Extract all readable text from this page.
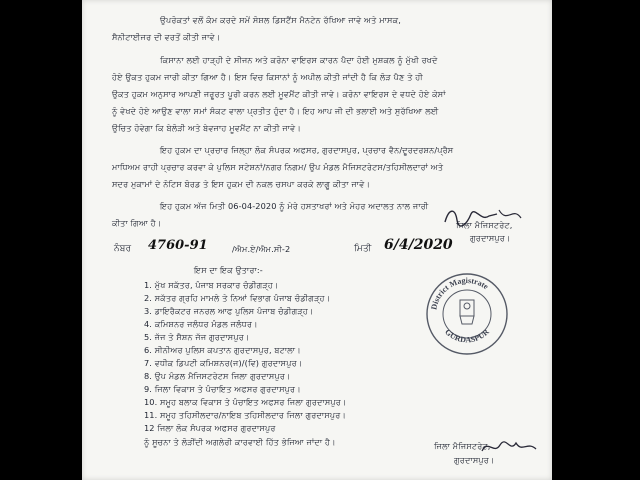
ਉਪਰੋਕਤਾਂ ਵਲੋਂ ਕੰਮ ਕਰਦੇ ਸਮੇਂ ਸੋਸ਼ਲ ਡਿਸਟੈਂਸ ਮੈਨਟੇਨ ਰੱਖਿਆ ਜਾਵੇ ਅਤੇ ਮਾਸਕ,
ਸੈਨੀਟਾਈਜਰ ਦੀ ਵਰਤੋਂ ਕੀਤੀ ਜਾਵੇ।
ਕਿਸਾਨਾ ਲਈ ਹਾੜ੍ਹੀ ਦੇ ਸੀਜਨ ਅਤੇ ਕਰੋਨਾ ਵਾਇਰਸ ਕਾਰਨ ਪੈਦਾ ਹੋਈ ਮੁਸ਼ਕਲ ਨੂੰ ਮੁੱਖੀ ਰਖਦੇ
ਹੋਏ ਉਕਤ ਹੁਕਮ ਜਾਰੀ ਕੀਤਾ ਗਿਆ ਹੈ। ਇਸ ਵਿਚ ਕਿਸਾਨਾਂ ਨੂੰ ਅਪੀਲ ਕੀਤੀ ਜਾਂਦੀ ਹੈ ਕਿ ਲੋੜ ਪੈਣ ਤੇ ਹੀ
ਉਕਤ ਹੁਕਮ ਅਨੁਸਾਰ ਆਪਣੀ ਜਰੂਰਤ ਪੂਰੀ ਕਰਨ ਲਈ ਮੂਵਮੈਂਟ ਕੀਤੀ ਜਾਵੇ। ਕਰੋਨਾ ਵਾਇਰਸ ਦੇ ਵਧਦੇ ਹੋਏ ਕੇਸਾਂ
ਨੂੰ ਵੇਖਦੇ ਹੋਏ ਆਉਣ ਵਾਲਾ ਸਮਾਂ ਸੰਕਟ ਵਾਲਾ ਪ੍ਰਤੀਤ ਹੁੰਦਾ ਹੈ। ਇਹ ਆਪ ਜੀ ਦੀ ਭਲਾਈ ਅਤੇ ਸੁਰੱਖਿਆ ਲਈ
ਉਚਿਤ ਹੋਵੇਗਾ ਕਿ ਬੇਲੋੜੀ ਅਤੇ ਬੇਵਜਾਹ ਮੂਵਮੈਂਟ ਨਾ ਕੀਤੀ ਜਾਵੇ।
ਇਹ ਹੁਕਮ ਦਾ ਪ੍ਰਚਾਰ ਜਿਲ੍ਹਾ ਲੋਕ ਸੰਪਰਕ ਅਫਸਰ, ਗੁਰਦਾਸਪੁਰ, ਪ੍ਰਚਾਰ ਵੈਨ/ਦੂਰਦਰਸ਼ਨ/ਪ੍ਰੈਸ
ਮਾਧਿਅਮ ਰਾਹੀ ਪ੍ਰਚਾਰ ਕਰਵਾ ਕੇ ਪੁਲਿਸ ਸਟੇਸ਼ਨਾਂ/ਨਗਰ ਨਿਗਮ/ ਉਪ ਮੰਡਲ ਮੈਜਿਸਟਰੇਟਸ/ਤਹਿਸੀਲਦਾਰਾਂ ਅਤੇ
ਸਦਰ ਮੁਕਾਮਾਂ ਦੇ ਨੋਟਿਸ ਬੋਰਡ ਤੇ ਇਸ ਹੁਕਮ ਦੀ ਨਕਲ ਚਸਪਾ ਕਰਕੇ ਲਾਗੂ ਕੀਤਾ ਜਾਵੇ।
ਇਹ ਹੁਕਮ ਅੱਜ ਮਿਤੀ 06-04-2020 ਨੂੰ ਮੇਰੇ ਹਸਤਾਖਰਾਂ ਅਤੇ ਮੋਹਰ ਅਦਾਲਤ ਨਾਲ ਜਾਰੀ
ਕੀਤਾ ਗਿਆ ਹੈ।	ਜਿਲਾ ਮੈਜਿਸਟਰੇਟ,
ਗੁਰਦਾਸਪੁਰ।
ਨੰਬਰ 4760-91	/ਐਮ.ਏ/ਐਮ.ਸੀ-2	ਮਿਤੀ 6/4/2020
ਇਸ ਦਾ ਇਕ ਉਤਾਰਾ:-
1. ਮੁੱਖ ਸਕੱਤਰ, ਪੰਜਾਬ ਸਰਕਾਰ ਚੰਡੀਗੜ੍ਹ।
2. ਸਕੱਤਰ ਗ੍ਰਹਿ ਮਾਮਲੇ ਤੇ ਨਿਆਂ ਵਿਭਾਗ ਪੰਜਾਬ ਚੰਡੀਗੜ੍ਹ।
3. ਡਾਇਰੈਕਟਰ ਜਨਰਲ ਆਫ ਪੁਲਿਸ ਪੰਜਾਬ ਚੰਡੀਗੜ੍ਹ।
4. ਕਮਿਸ਼ਨਰ ਜਲੰਧਰ ਮੰਡਲ ਜਲੰਧਰ।
5. ਜੱਜ ਤੇ ਸੈਸ਼ਨ ਜੱਜ ਗੁਰਦਾਸਪੁਰ।
6. ਸੀਨੀਅਰ ਪੁਲਿਸ ਕਪਤਾਨ ਗੁਰਦਾਸਪੁਰ, ਬਟਾਲਾ।
7. ਵਧੀਕ ਡਿਪਟੀ ਕਮਿਸ਼ਨਰ(ਜ)/(ਵਿ) ਗੁਰਦਾਸਪੁਰ।
8. ਉਪ ਮੰਡਲ ਮੈਜਿਸਟਰੇਟਸ ਜਿਲਾ ਗੁਰਦਾਸਪੁਰ।
9. ਜਿਲਾ ਵਿਕਾਸ ਤੇ ਪੰਚਾਇਤ ਅਫਸਰ ਗੁਰਦਾਸਪੁਰ।
10. ਸਮੂਹ ਬਲਾਕ ਵਿਕਾਸ ਤੇ ਪੰਚਾਇਤ ਅਫਸਰ ਜਿਲਾ ਗੁਰਦਾਸਪੁਰ।
11. ਸਮੂਹ ਤਹਿਸੀਲਦਾਰ/ਨਾਇਬ ਤਹਿਸੀਲਦਾਰ ਜਿਲਾ ਗੁਰਦਾਸਪੁਰ।
12 ਜਿਲਾ ਲੋਕ ਸੰਪਰਕ ਅਫਸਰ ਗੁਰਦਾਸਪੁਰ
ਨੂੰ ਸੂਚਨਾ ਤੇ ਲੋੜੀਂਦੀ ਅਗਲੇਰੀ ਕਾਰਵਾਈ ਹਿੱਤ ਭੇਜਿਆ ਜਾਂਦਾ ਹੈ।
District Magistrate
GURDASPUR
ਜਿਲਾ ਮੈਜਿਸਟਰੇਟ,
ਗੁਰਦਾਸਪੁਰ।
